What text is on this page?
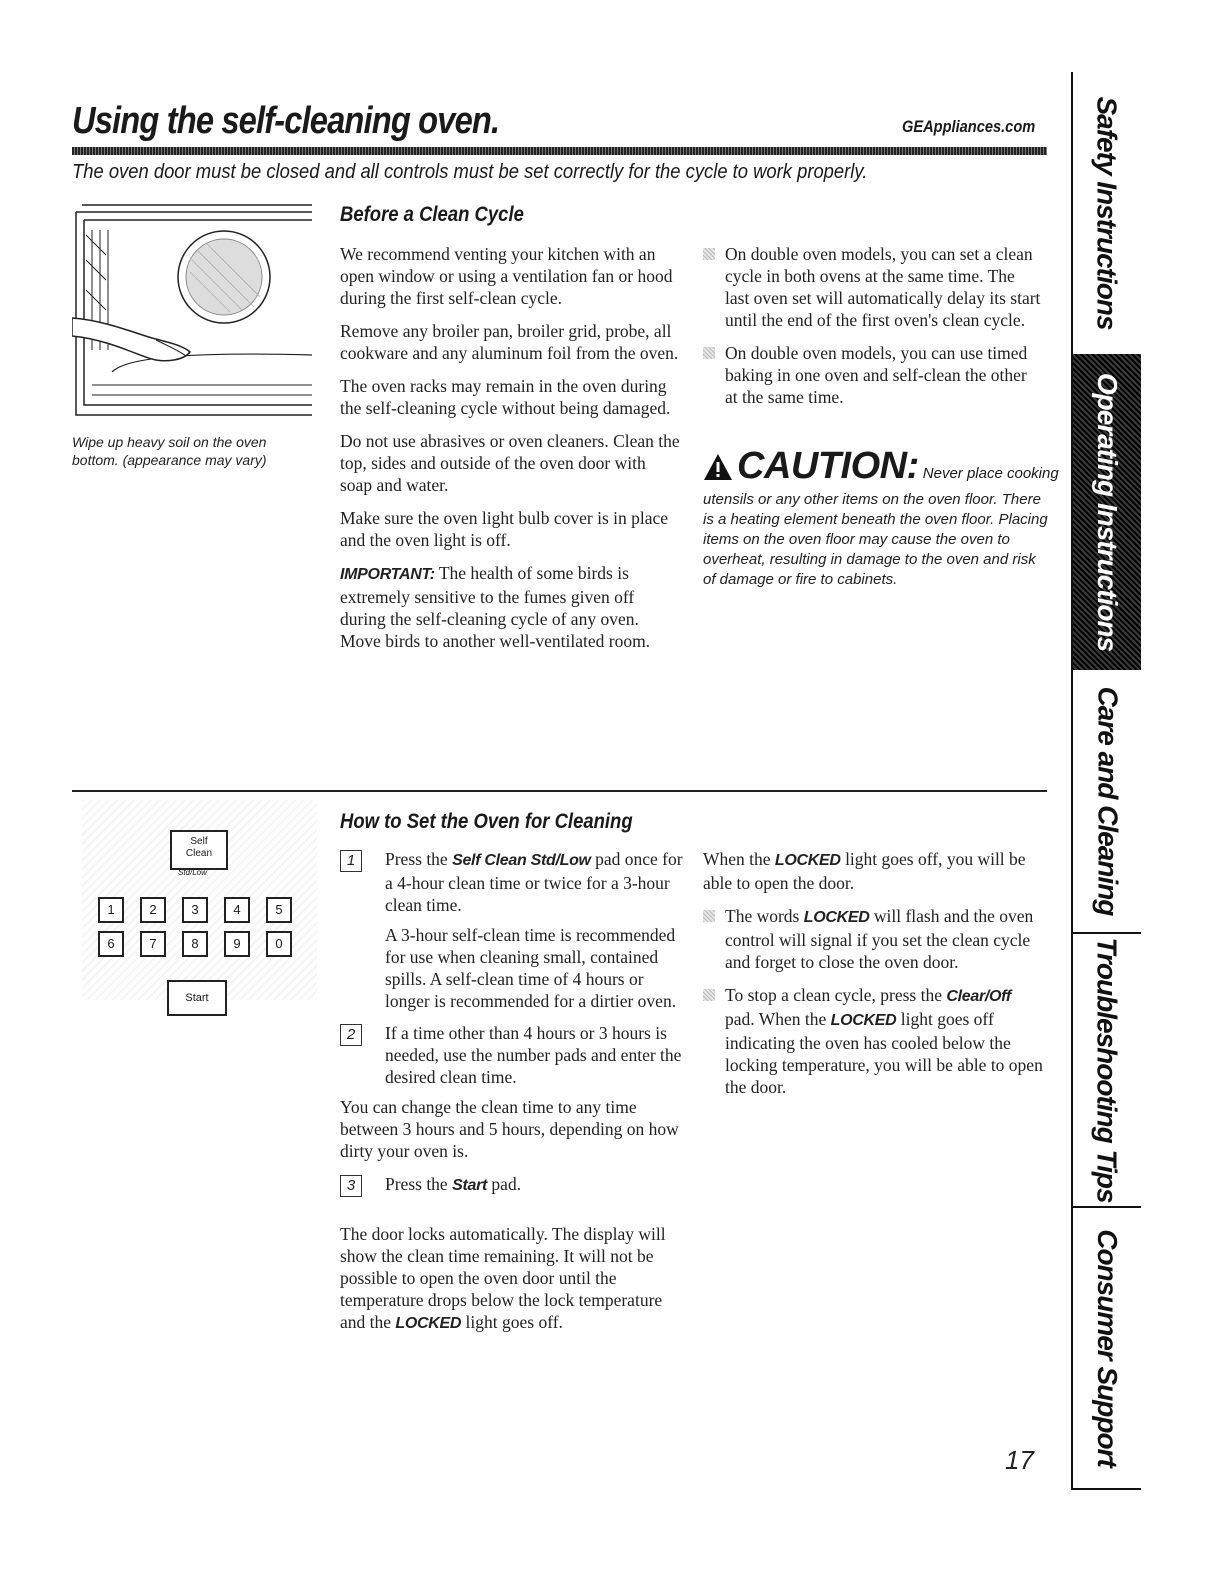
Using the self-cleaning oven.	GEAppliances.com
The oven door must be closed and all controls must be set correctly for the cycle to work properly.
Wipe up heavy soil on the oven
bottom. (appearance may vary)
Before a Clean Cycle

We recommend venting your kitchen with an open window or using a ventilation fan or hood during the first self-clean cycle.

Remove any broiler pan, broiler grid, probe, all cookware and any aluminum foil from the oven.

The oven racks may remain in the oven during the self-cleaning cycle without being damaged.

Do not use abrasives or oven cleaners. Clean the top, sides and outside of the oven door with soap and water.

Make sure the oven light bulb cover is in place and the oven light is off.

IMPORTANT: The health of some birds is extremely sensitive to the fumes given off during the self-cleaning cycle of any oven. Move birds to another well-ventilated room.

On double oven models, you can set a clean cycle in both ovens at the same time. The last oven set will automatically delay its start until the end of the first oven's clean cycle.

On double oven models, you can use timed baking in one oven and self-clean the other at the same time.

CAUTION: Never place cooking
utensils or any other items on the oven floor. There is a heating element beneath the oven floor. Placing items on the oven floor may cause the oven to overheat, resulting in damage to the oven and risk of damage or fire to cabinets.
Self
Clean
Std/Low
1	2	3	4	5
6	7	8	9	0
Start
How to Set the Oven for Cleaning
1	Press the Self Clean Std/Low pad once for a 4-hour clean time or twice for a 3-hour clean time.
A 3-hour self-clean time is recommended for use when cleaning small, contained spills. A self-clean time of 4 hours or longer is recommended for a dirtier oven.
2	If a time other than 4 hours or 3 hours is needed, use the number pads and enter the desired clean time.

You can change the clean time to any time between 3 hours and 5 hours, depending on how dirty your oven is.

3	Press the Start pad.

The door locks automatically. The display will show the clean time remaining. It will not be possible to open the oven door until the temperature drops below the lock temperature and the LOCKED light goes off.

When the LOCKED light goes off, you will be able to open the door.

The words LOCKED will flash and the oven control will signal if you set the clean cycle and forget to close the oven door.

To stop a clean cycle, press the Clear/Off pad. When the LOCKED light goes off indicating the oven has cooled below the locking temperature, you will be able to open the door.

17
Safety Instructions
Operating Instructions
Care and Cleaning
Troubleshooting Tips
Consumer Support
